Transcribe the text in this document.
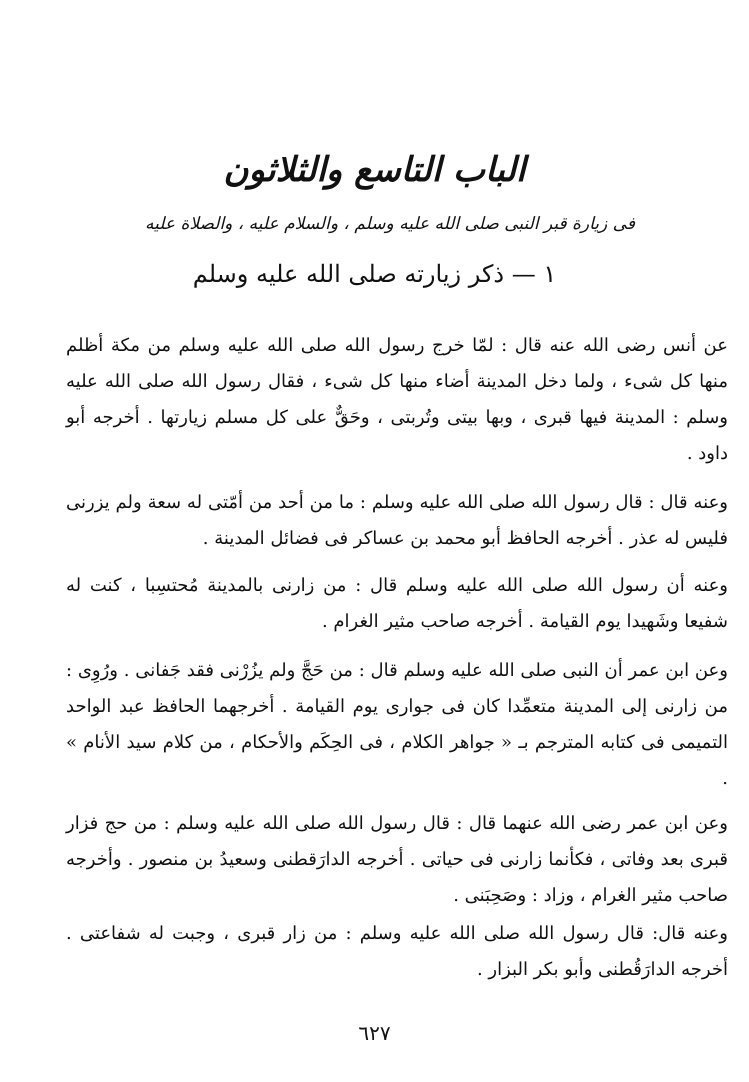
الباب التاسع والثلاثون
فى زيارة قبر النبى صلى الله عليه وسلم ، والسلام عليه ، والصلاة عليه
١ — ذكر زيارته صلى الله عليه وسلم

عن أنس رضى الله عنه قال : لمّا خرج رسول الله صلى الله عليه وسلم من مكة أظلم منها كل شىء ، ولما دخل المدينة أضاء منها كل شىء ، فقال رسول الله صلى الله عليه وسلم : المدينة فيها قبرى ، وبها بيتى وتُربتى ، وحَقٌّ على كل مسلم زيارتها . أخرجه أبو داود .

وعنه قال : قال رسول الله صلى الله عليه وسلم : ما من أحد من أمّتى له سعة ولم يزرنى فليس له عذر . أخرجه الحافظ أبو محمد بن عساكر فى فضائل المدينة .

وعنه أن رسول الله صلى الله عليه وسلم قال : من زارنى بالمدينة مُحتسِبا ، كنت له شفيعا وشَهيدا يوم القيامة . أخرجه صاحب مثير الغرام .

وعن ابن عمر أن النبى صلى الله عليه وسلم قال : من حَجَّ ولم يزُرْنى فقد جَفانى . ورُوِى : من زارنى إلى المدينة متعمِّدا كان فى جوارى يوم القيامة . أخرجهما الحافظ عبد الواحد التميمى فى كتابه المترجم بـ « جواهر الكلام ، فى الحِكَم والأحكام ، من كلام سيد الأنام » .

وعن ابن عمر رضى الله عنهما قال : قال رسول الله صلى الله عليه وسلم : من حج فزار قبرى بعد وفاتى ، فكأنما زارنى فى حياتى . أخرجه الدارَقطنى وسعيدُ بن منصور . وأخرجه صاحب مثير الغرام ، وزاد : وصَحِبَنى .

وعنه قال: قال رسول الله صلى الله عليه وسلم : من زار قبرى ، وجبت له شفاعتى . أخرجه الدارَقُطنى وأبو بكر البزار .

٦٢٧
